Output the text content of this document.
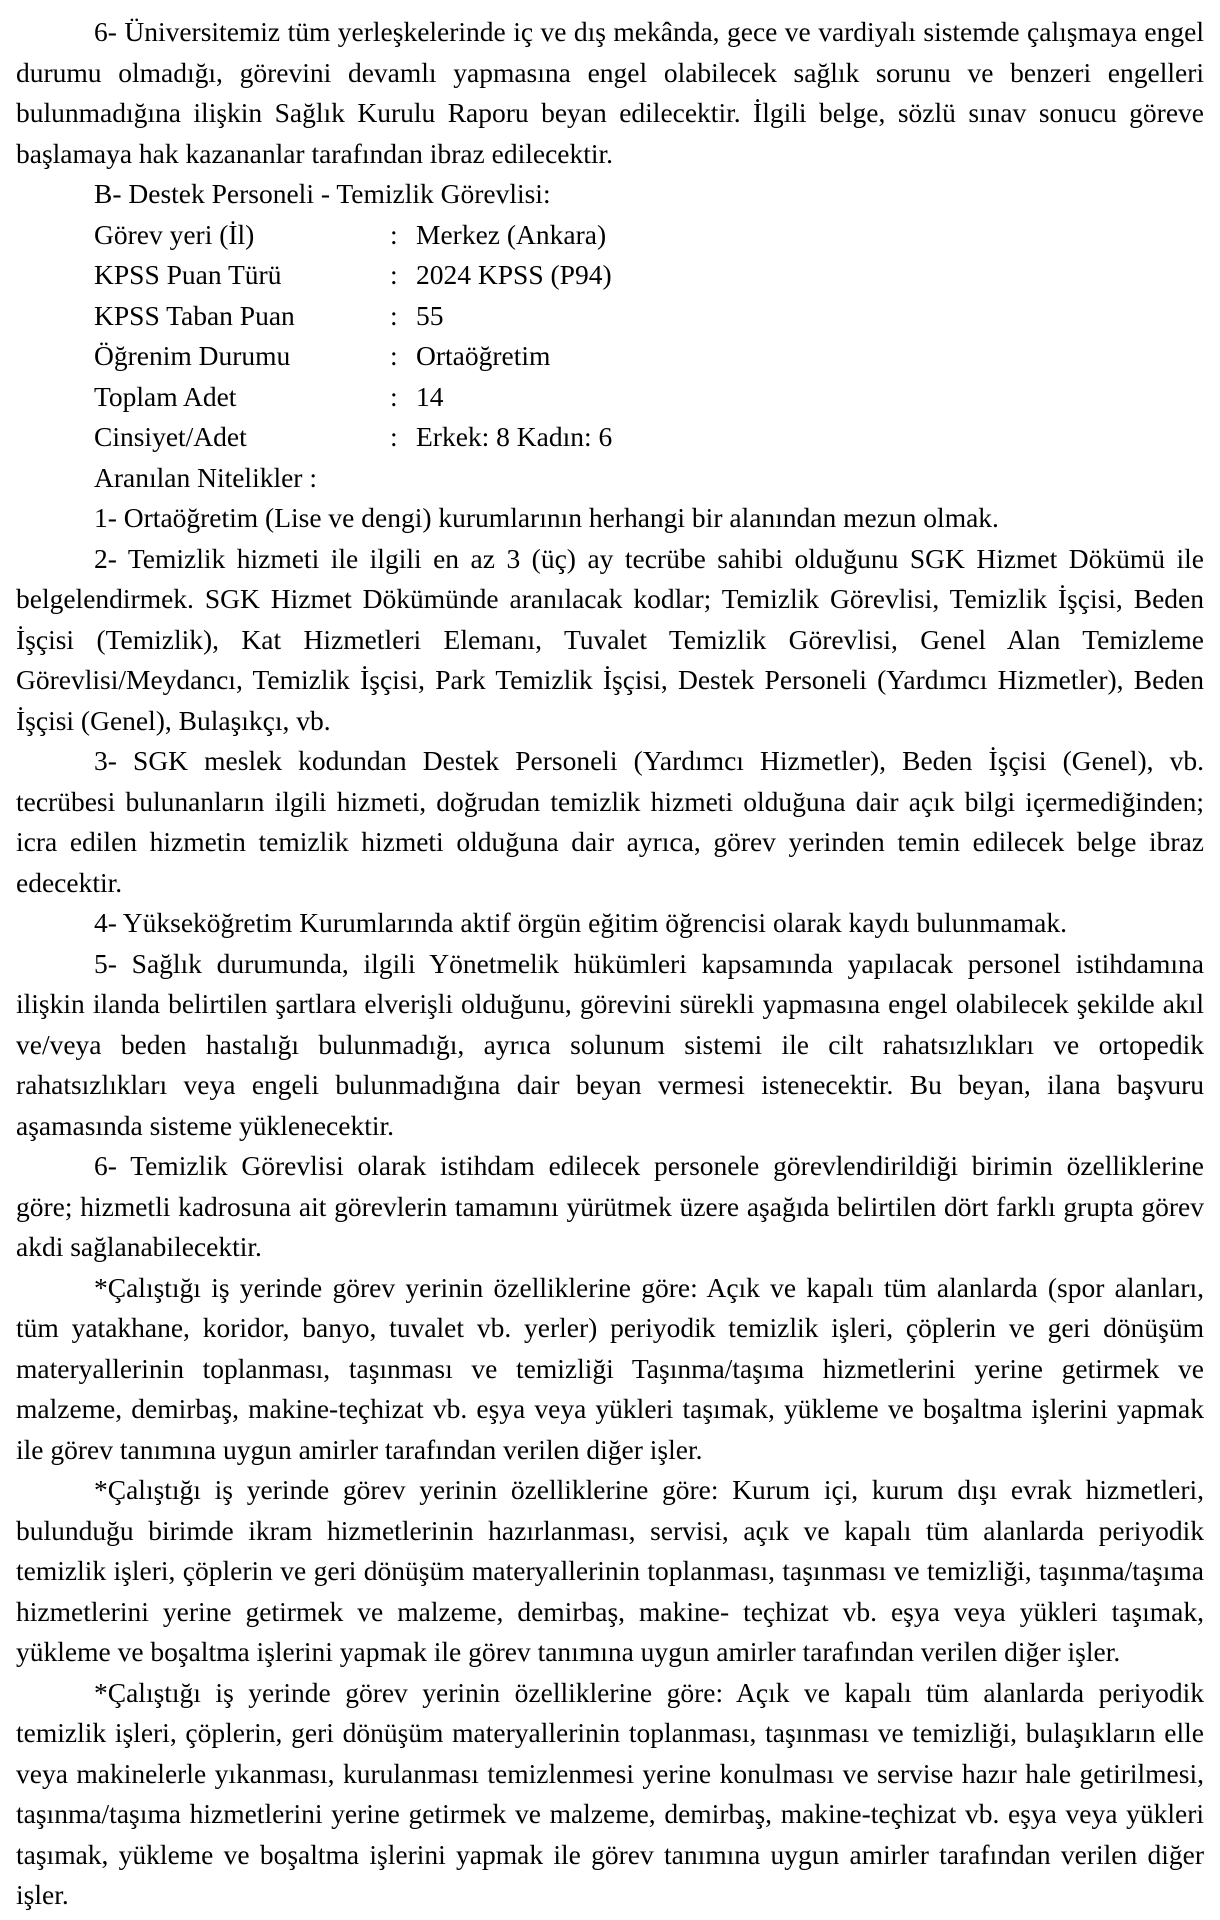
6- Üniversitemiz tüm yerleşkelerinde iç ve dış mekânda, gece ve vardiyalı sistemde çalışmaya engel durumu olmadığı, görevini devamlı yapmasına engel olabilecek sağlık sorunu ve benzeri engelleri bulunmadığına ilişkin Sağlık Kurulu Raporu beyan edilecektir. İlgili belge, sözlü sınav sonucu göreve başlamaya hak kazananlar tarafından ibraz edilecektir.

B- Destek Personeli - Temizlik Görevlisi:

Görev yeri (İl)	: Merkez (Ankara)
KPSS Puan Türü	: 2024 KPSS (P94)
KPSS Taban Puan	: 55
Öğrenim Durumu	: Ortaöğretim
Toplam Adet	: 14
Cinsiyet/Adet	: Erkek: 8 Kadın: 6

Aranılan Nitelikler :

1- Ortaöğretim (Lise ve dengi) kurumlarının herhangi bir alanından mezun olmak.

2- Temizlik hizmeti ile ilgili en az 3 (üç) ay tecrübe sahibi olduğunu SGK Hizmet Dökümü ile belgelendirmek. SGK Hizmet Dökümünde aranılacak kodlar; Temizlik Görevlisi, Temizlik İşçisi, Beden İşçisi (Temizlik), Kat Hizmetleri Elemanı, Tuvalet Temizlik Görevlisi, Genel Alan Temizleme Görevlisi/Meydancı, Temizlik İşçisi, Park Temizlik İşçisi, Destek Personeli (Yardımcı Hizmetler), Beden İşçisi (Genel), Bulaşıkçı, vb.

3- SGK meslek kodundan Destek Personeli (Yardımcı Hizmetler), Beden İşçisi (Genel), vb. tecrübesi bulunanların ilgili hizmeti, doğrudan temizlik hizmeti olduğuna dair açık bilgi içermediğinden; icra edilen hizmetin temizlik hizmeti olduğuna dair ayrıca, görev yerinden temin edilecek belge ibraz edecektir.

4- Yükseköğretim Kurumlarında aktif örgün eğitim öğrencisi olarak kaydı bulunmamak.

5- Sağlık durumunda, ilgili Yönetmelik hükümleri kapsamında yapılacak personel istihdamına ilişkin ilanda belirtilen şartlara elverişli olduğunu, görevini sürekli yapmasına engel olabilecek şekilde akıl ve/veya beden hastalığı bulunmadığı, ayrıca solunum sistemi ile cilt rahatsızlıkları ve ortopedik rahatsızlıkları veya engeli bulunmadığına dair beyan vermesi istenecektir. Bu beyan, ilana başvuru aşamasında sisteme yüklenecektir.

6- Temizlik Görevlisi olarak istihdam edilecek personele görevlendirildiği birimin özelliklerine göre; hizmetli kadrosuna ait görevlerin tamamını yürütmek üzere aşağıda belirtilen dört farklı grupta görev akdi sağlanabilecektir.

*Çalıştığı iş yerinde görev yerinin özelliklerine göre: Açık ve kapalı tüm alanlarda (spor alanları, tüm yatakhane, koridor, banyo, tuvalet vb. yerler) periyodik temizlik işleri, çöplerin ve geri dönüşüm materyallerinin toplanması, taşınması ve temizliği Taşınma/taşıma hizmetlerini yerine getirmek ve malzeme, demirbaş, makine-teçhizat vb. eşya veya yükleri taşımak, yükleme ve boşaltma işlerini yapmak ile görev tanımına uygun amirler tarafından verilen diğer işler.

*Çalıştığı iş yerinde görev yerinin özelliklerine göre: Kurum içi, kurum dışı evrak hizmetleri, bulunduğu birimde ikram hizmetlerinin hazırlanması, servisi, açık ve kapalı tüm alanlarda periyodik temizlik işleri, çöplerin ve geri dönüşüm materyallerinin toplanması, taşınması ve temizliği, taşınma/taşıma hizmetlerini yerine getirmek ve malzeme, demirbaş, makine- teçhizat vb. eşya veya yükleri taşımak, yükleme ve boşaltma işlerini yapmak ile görev tanımına uygun amirler tarafından verilen diğer işler.

*Çalıştığı iş yerinde görev yerinin özelliklerine göre: Açık ve kapalı tüm alanlarda periyodik temizlik işleri, çöplerin, geri dönüşüm materyallerinin toplanması, taşınması ve temizliği, bulaşıkların elle veya makinelerle yıkanması, kurulanması temizlenmesi yerine konulması ve servise hazır hale getirilmesi, taşınma/taşıma hizmetlerini yerine getirmek ve malzeme, demirbaş, makine-teçhizat vb. eşya veya yükleri taşımak, yükleme ve boşaltma işlerini yapmak ile görev tanımına uygun amirler tarafından verilen diğer işler.
